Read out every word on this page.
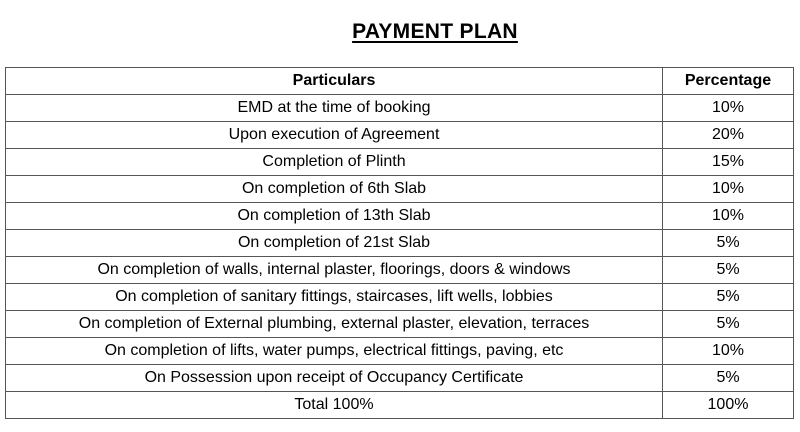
PAYMENT PLAN
Particulars	Percentage
EMD at the time of booking	10%
Upon execution of Agreement	20%
Completion of Plinth	15%
On completion of 6th Slab	10%
On completion of 13th Slab	10%
On completion of 21st Slab	5%
On completion of walls, internal plaster, floorings, doors & windows	5%
On completion of sanitary fittings, staircases, lift wells, lobbies	5%
On completion of External plumbing, external plaster, elevation, terraces	5%
On completion of lifts, water pumps, electrical fittings, paving, etc	10%
On Possession upon receipt of Occupancy Certificate	5%
Total 100%	100%
